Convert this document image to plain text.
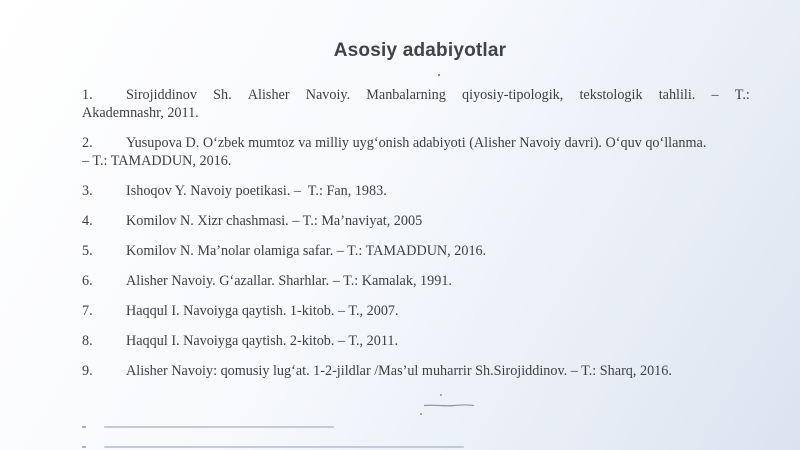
Asosiy adabiyotlar
1.	Sirojiddinov Sh. Alisher Navoiy. Manbalarning qiyosiy-tipologik, tekstologik tahlili. – T.:
Akademnashr, 2011.
2.	Yusupova D. O‘zbek mumtoz va milliy uyg‘onish adabiyoti (Alisher Navoiy davri). O‘quv qo‘llanma.
– T.: TAMADDUN, 2016.
3.	Ishoqov Y. Navoiy poetikasi. –  T.: Fan, 1983.
4.	Komilov N. Xizr chashmasi. – T.: Ma’naviyat, 2005
5.	Komilov N. Ma’nolar olamiga safar. – T.: TAMADDUN, 2016.
6.	Alisher Navoiy. G‘azallar. Sharhlar. – T.: Kamalak, 1991.
7.	Haqqul I. Navoiyga qaytish. 1-kitob. – T., 2007.
8.	Haqqul I. Navoiyga qaytish. 2-kitob. – T., 2011.
9.	Alisher Navoiy: qomusiy lug‘at. 1-2-jildlar /Mas’ul muharrir Sh.Sirojiddinov. – T.: Sharq, 2016.
